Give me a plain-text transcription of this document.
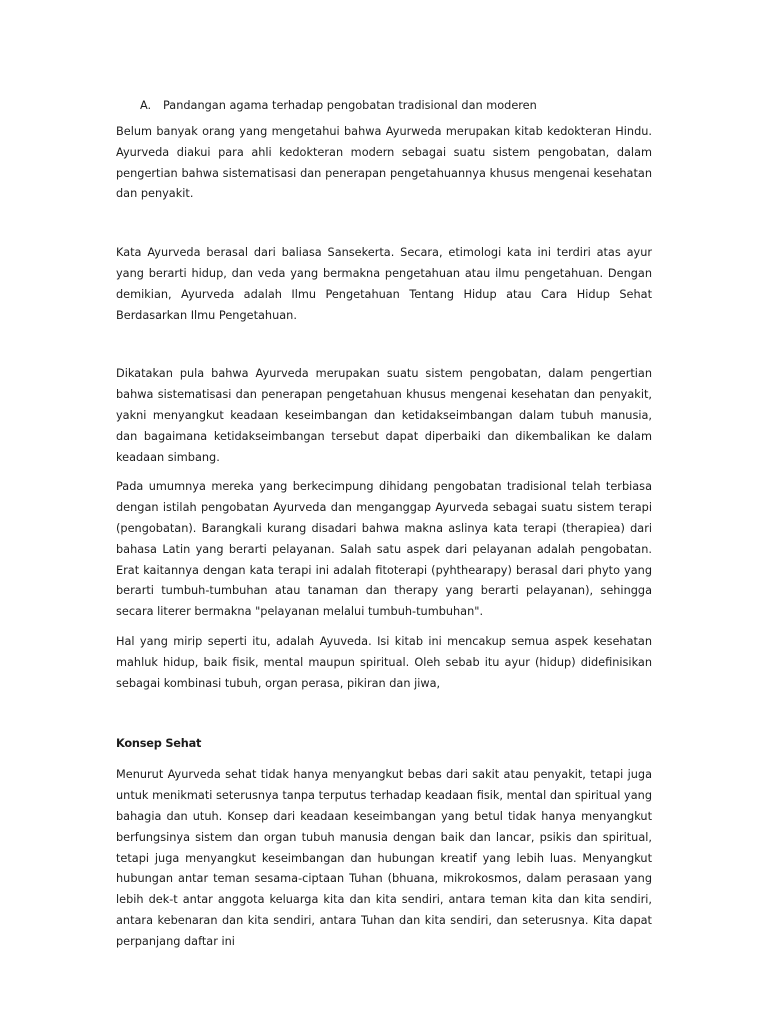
A. Pandangan agama terhadap pengobatan tradisional dan moderen

Belum banyak orang yang mengetahui bahwa Ayurweda merupakan kitab kedokteran Hindu. Ayurveda diakui para ahli kedokteran modern sebagai suatu sistem pengobatan, dalam pengertian bahwa sistematisasi dan penerapan pengetahuannya khusus mengenai kesehatan dan penyakit.

Kata Ayurveda berasal dari baliasa Sansekerta. Secara, etimologi kata ini terdiri atas ayur yang berarti hidup, dan veda yang bermakna pengetahuan atau ilmu pengetahuan. Dengan demikian, Ayurveda adalah Ilmu Pengetahuan Tentang Hidup atau Cara Hidup Sehat Berdasarkan Ilmu Pengetahuan.

Dikatakan pula bahwa Ayurveda merupakan suatu sistem pengobatan, dalam pengertian bahwa sistematisasi dan penerapan pengetahuan khusus mengenai kesehatan dan penyakit, yakni menyangkut keadaan keseimbangan dan ketidakseimbangan dalam tubuh manusia, dan bagaimana ketidakseimbangan tersebut dapat diperbaiki dan dikembalikan ke dalam keadaan simbang.

Pada umumnya mereka yang berkecimpung dihidang pengobatan tradisional telah terbiasa dengan istilah pengobatan Ayurveda dan menganggap Ayurveda sebagai suatu sistem terapi (pengobatan). Barangkali kurang disadari bahwa makna aslinya kata terapi (therapiea) dari bahasa Latin yang berarti pelayanan. Salah satu aspek dari pelayanan adalah pengobatan. Erat kaitannya dengan kata terapi ini adalah fitoterapi (pyhthearapy) berasal dari phyto yang berarti tumbuh-tumbuhan atau tanaman dan therapy yang berarti pelayanan), sehingga secara literer bermakna "pelayanan melalui tumbuh-tumbuhan".

Hal yang mirip seperti itu, adalah Ayuveda. Isi kitab ini mencakup semua aspek kesehatan mahluk hidup, baik fisik, mental maupun spiritual. Oleh sebab itu ayur (hidup) didefinisikan sebagai kombinasi tubuh, organ perasa, pikiran dan jiwa,

Konsep Sehat

Menurut Ayurveda sehat tidak hanya menyangkut bebas dari sakit atau penyakit, tetapi juga untuk menikmati seterusnya tanpa terputus terhadap keadaan fisik, mental dan spiritual yang bahagia dan utuh. Konsep dari keadaan keseimbangan yang betul tidak hanya menyangkut berfungsinya sistem dan organ tubuh manusia dengan baik dan lancar, psikis dan spiritual, tetapi juga menyangkut keseimbangan dan hubungan kreatif yang lebih luas. Menyangkut hubungan antar teman sesama-ciptaan Tuhan (bhuana, mikrokosmos, dalam perasaan yang lebih dek-t antar anggota keluarga kita dan kita sendiri, antara teman kita dan kita sendiri, antara kebenaran dan kita sendiri, antara Tuhan dan kita sendiri, dan seterusnya. Kita dapat perpanjang daftar ini
